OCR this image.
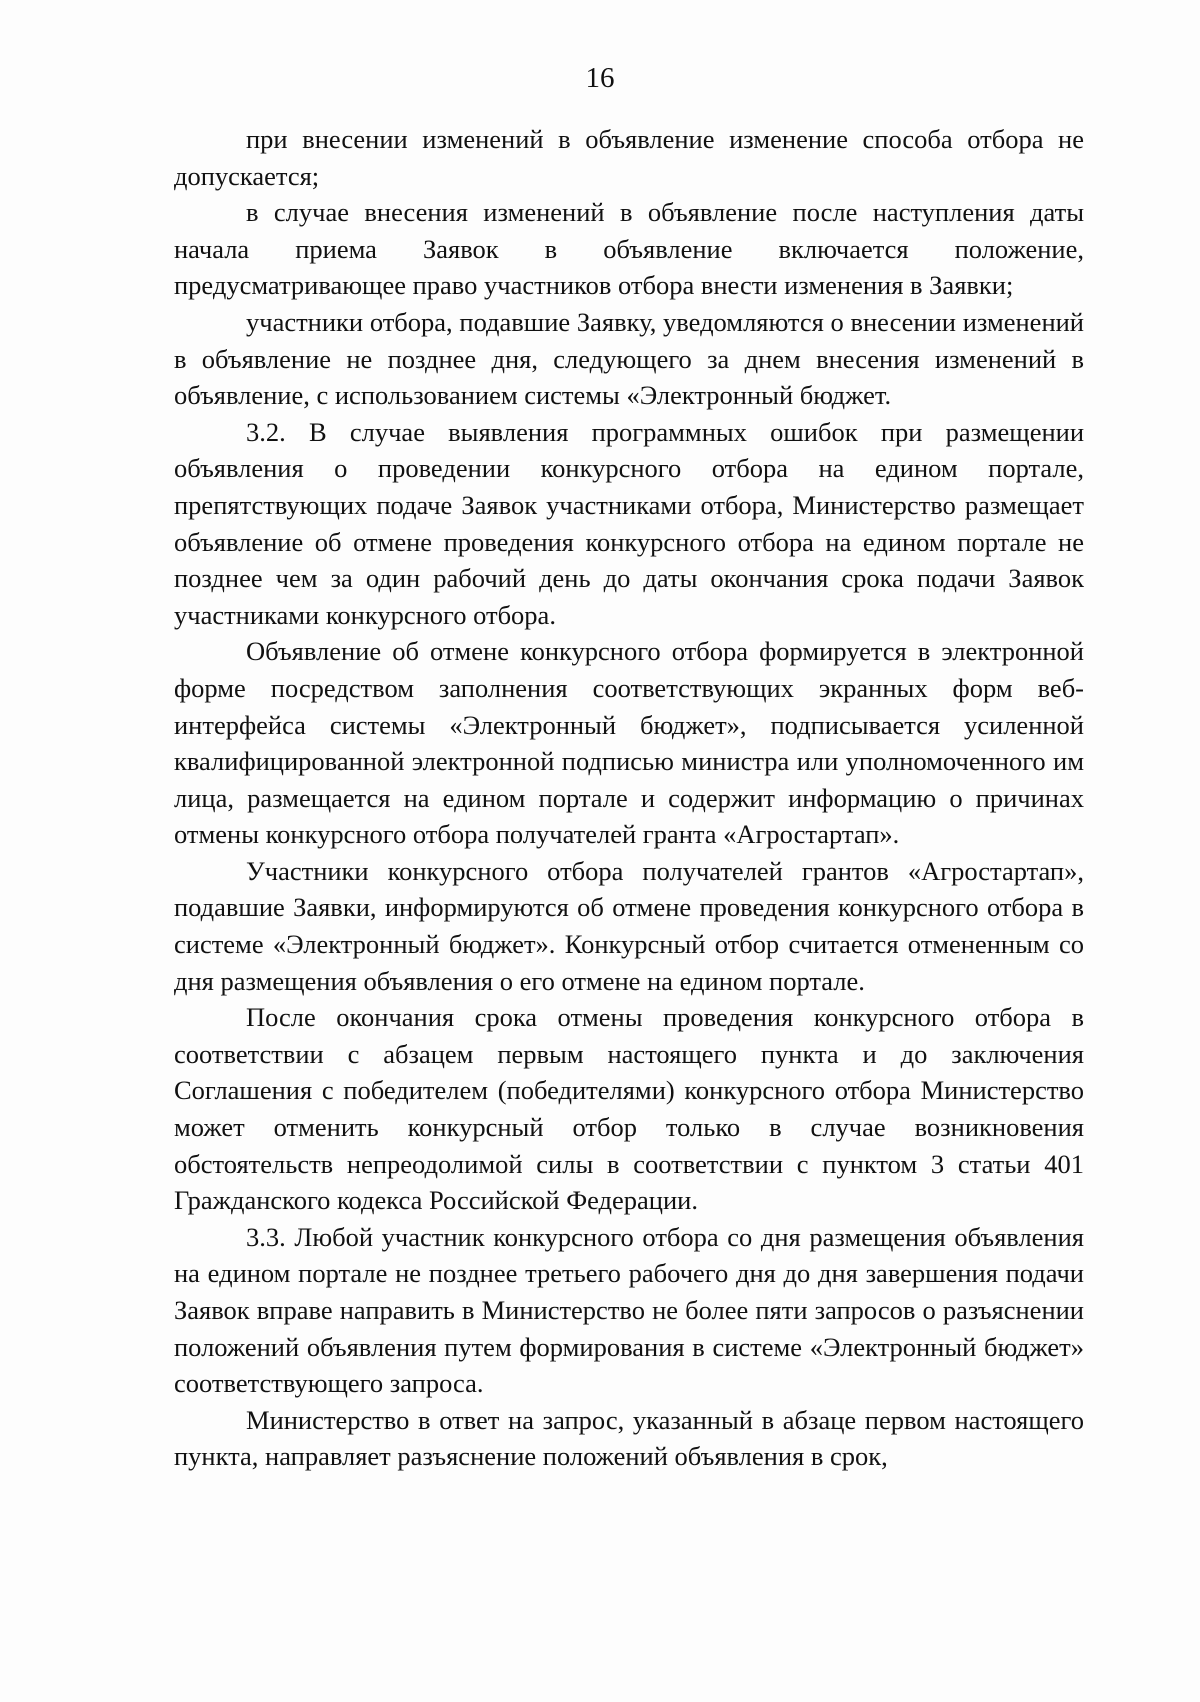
16

при внесении изменений в объявление изменение способа отбора не допускается;

в случае внесения изменений в объявление после наступления даты начала приема Заявок в объявление включается положение, предусматривающее право участников отбора внести изменения в Заявки;

участники отбора, подавшие Заявку, уведомляются о внесении изменений в объявление не позднее дня, следующего за днем внесения изменений в объявление, с использованием системы «Электронный бюджет.

3.2. В случае выявления программных ошибок при размещении объявления о проведении конкурсного отбора на едином портале, препятствующих подаче Заявок участниками отбора, Министерство размещает объявление об отмене проведения конкурсного отбора на едином портале не позднее чем за один рабочий день до даты окончания срока подачи Заявок участниками конкурсного отбора.

Объявление об отмене конкурсного отбора формируется в электронной форме посредством заполнения соответствующих экранных форм веб-интерфейса системы «Электронный бюджет», подписывается усиленной квалифицированной электронной подписью министра или уполномоченного им лица, размещается на едином портале и содержит информацию о причинах отмены конкурсного отбора получателей гранта «Агростартап».

Участники конкурсного отбора получателей грантов «Агростартап», подавшие Заявки, информируются об отмене проведения конкурсного отбора в системе «Электронный бюджет». Конкурсный отбор считается отмененным со дня размещения объявления о его отмене на едином портале.

После окончания срока отмены проведения конкурсного отбора в соответствии с абзацем первым настоящего пункта и до заключения Соглашения с победителем (победителями) конкурсного отбора Министерство может отменить конкурсный отбор только в случае возникновения обстоятельств непреодолимой силы в соответствии с пунктом 3 статьи 401 Гражданского кодекса Российской Федерации.

3.3. Любой участник конкурсного отбора со дня размещения объявления на едином портале не позднее третьего рабочего дня до дня завершения подачи Заявок вправе направить в Министерство не более пяти запросов о разъяснении положений объявления путем формирования в системе «Электронный бюджет» соответствующего запроса.

Министерство в ответ на запрос, указанный в абзаце первом настоящего пункта, направляет разъяснение положений объявления в срок,
